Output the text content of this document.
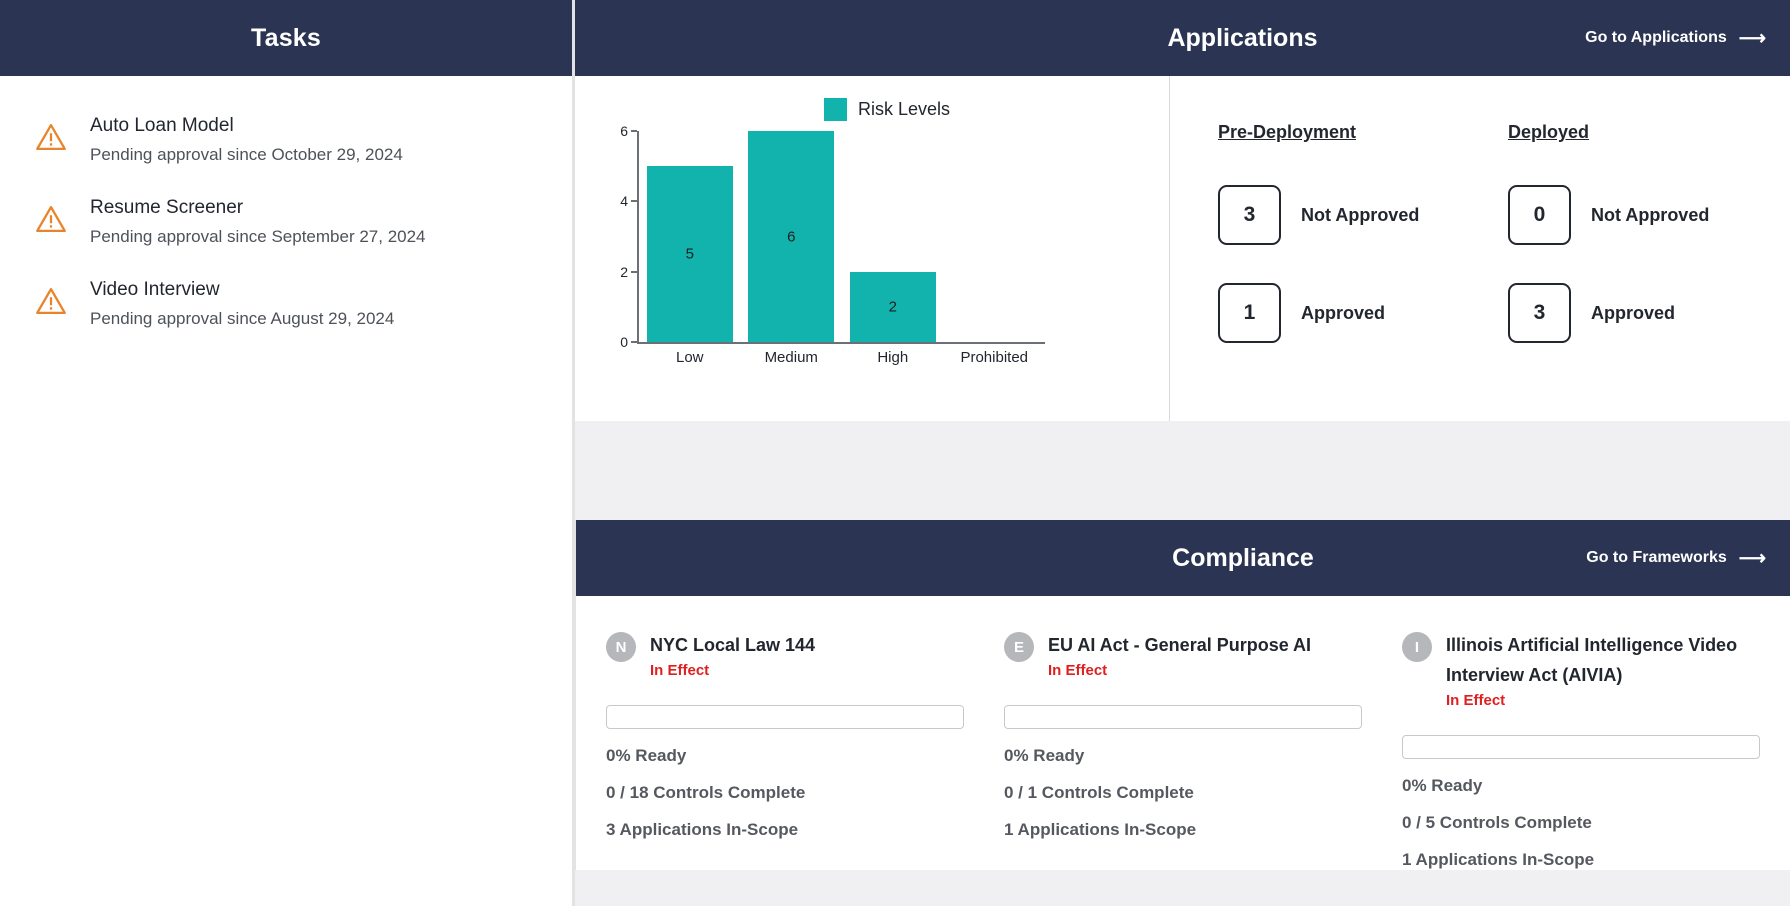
Tasks
Auto Loan Model
Pending approval since October 29, 2024
Resume Screener
Pending approval since September 27, 2024
Video Interview
Pending approval since August 29, 2024
Applications	Go to Applications ⟶
Risk Levels
0
2
4
6
5
6
2
Low	Medium	High	Prohibited
Pre-Deployment	Deployed
3	Not Approved	0	Not Approved
1	Approved	3	Approved
Compliance	Go to Frameworks ⟶
N	NYC Local Law 144
In Effect
0% Ready
0 / 18 Controls Complete
3 Applications In-Scope
E	EU AI Act - General Purpose AI
In Effect
0% Ready
0 / 1 Controls Complete
1 Applications In-Scope
I	Illinois Artificial Intelligence Video Interview Act (AIVIA)
In Effect
0% Ready
0 / 5 Controls Complete
1 Applications In-Scope
